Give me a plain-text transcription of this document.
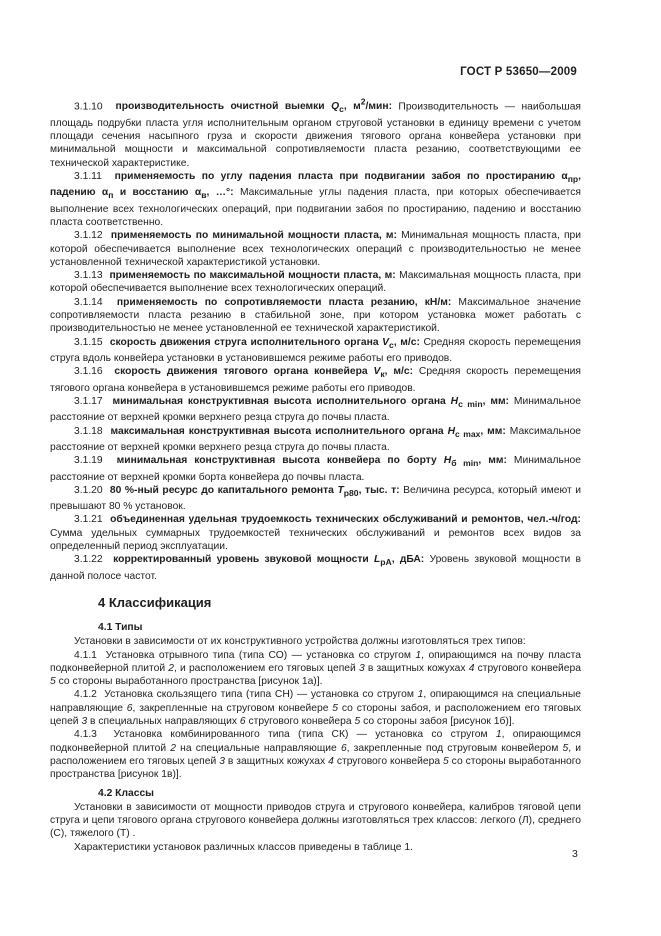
ГОСТ Р 53650—2009

3.1.10 производительность очистной выемки $Q_с$, $м^2$/мин: Производительность — наибольшая площадь подрубки пласта угля исполнительным органом струговой установки в единицу времени с учетом площади сечения насыпного груза и скорости движения тягового органа конвейера установки при минимальной мощности и максимальной сопротивляемости пласта резанию, соответствующими ее технической характеристике.

3.1.11 применяемость по углу падения пласта при подвигании забоя по простиранию $\alpha_{пр}$, падению $\alpha_п$ и восстанию $\alpha_в$, …°: Максимальные углы падения пласта, при которых обеспечивается выполнение всех технологических операций, при подвигании забоя по простиранию, падению и восстанию пласта соответственно.

3.1.12 применяемость по минимальной мощности пласта, м: Минимальная мощность пласта, при которой обеспечивается выполнение всех технологических операций с производительностью не менее установленной технической характеристикой установки.

3.1.13 применяемость по максимальной мощности пласта, м: Максимальная мощность пласта, при которой обеспечивается выполнение всех технологических операций.

3.1.14 применяемость по сопротивляемости пласта резанию, кН/м: Максимальное значение сопротивляемости пласта резанию в стабильной зоне, при котором установка может работать с производительностью не менее установленной ее технической характеристикой.

3.1.15 скорость движения струга исполнительного органа $V_с$, м/с: Средняя скорость перемещения струга вдоль конвейера установки в установившемся режиме работы его приводов.

3.1.16 скорость движения тягового органа конвейера $V_к$, м/с: Средняя скорость перемещения тягового органа конвейера в установившемся режиме работы его приводов.

3.1.17 минимальная конструктивная высота исполнительного органа $Н_{с min}$, мм: Минимальное расстояние от верхней кромки верхнего резца струга до почвы пласта.

3.1.18 максимальная конструктивная высота исполнительного органа $Н_{с max}$, мм: Максимальное расстояние от верхней кромки верхнего резца струга до почвы пласта.

3.1.19 минимальная конструктивная высота конвейера по борту $Н_{б min}$, мм: Минимальное расстояние от верхней кромки борта конвейера до почвы пласта.

3.1.20 80 %-ный ресурс до капитального ремонта $Т_{р80}$, тыс. т: Величина ресурса, который имеют и превышают 80 % установок.

3.1.21 объединенная удельная трудоемкость технических обслуживаний и ремонтов, чел.-ч/год: Сумма удельных суммарных трудоемкостей технических обслуживаний и ремонтов всех видов за определенный период эксплуатации.

3.1.22 корректированный уровень звуковой мощности $L_{рА}$, дБА: Уровень звуковой мощности в данной полосе частот.

4 Классификация

4.1 Типы

Установки в зависимости от их конструктивного устройства должны изготовляться трех типов:

4.1.1 Установка отрывного типа (типа СО) — установка со стругом 1, опирающимся на почву пласта подконвейерной плитой 2, и расположением его тяговых цепей 3 в защитных кожухах 4 стругового конвейера 5 со стороны выработанного пространства [рисунок 1а)].

4.1.2 Установка скользящего типа (типа СН) — установка со стругом 1, опирающимся на специальные направляющие 6, закрепленные на струговом конвейере 5 со стороны забоя, и расположением его тяговых цепей 3 в специальных направляющих 6 стругового конвейера 5 со стороны забоя [рисунок 1б)].

4.1.3 Установка комбинированного типа (типа СК) — установка со стругом 1, опирающимся подконвейерной плитой 2 на специальные направляющие 6, закрепленные под струговым конвейером 5, и расположением его тяговых цепей 3 в защитных кожухах 4 стругового конвейера 5 со стороны выработанного пространства [рисунок 1в)].

4.2 Классы

Установки в зависимости от мощности приводов струга и стругового конвейера, калибров тяговой цепи струга и цепи тягового органа стругового конвейера должны изготовляться трех классов: легкого (Л), среднего (С), тяжелого (Т) .

Характеристики установок различных классов приведены в таблице 1.

3
